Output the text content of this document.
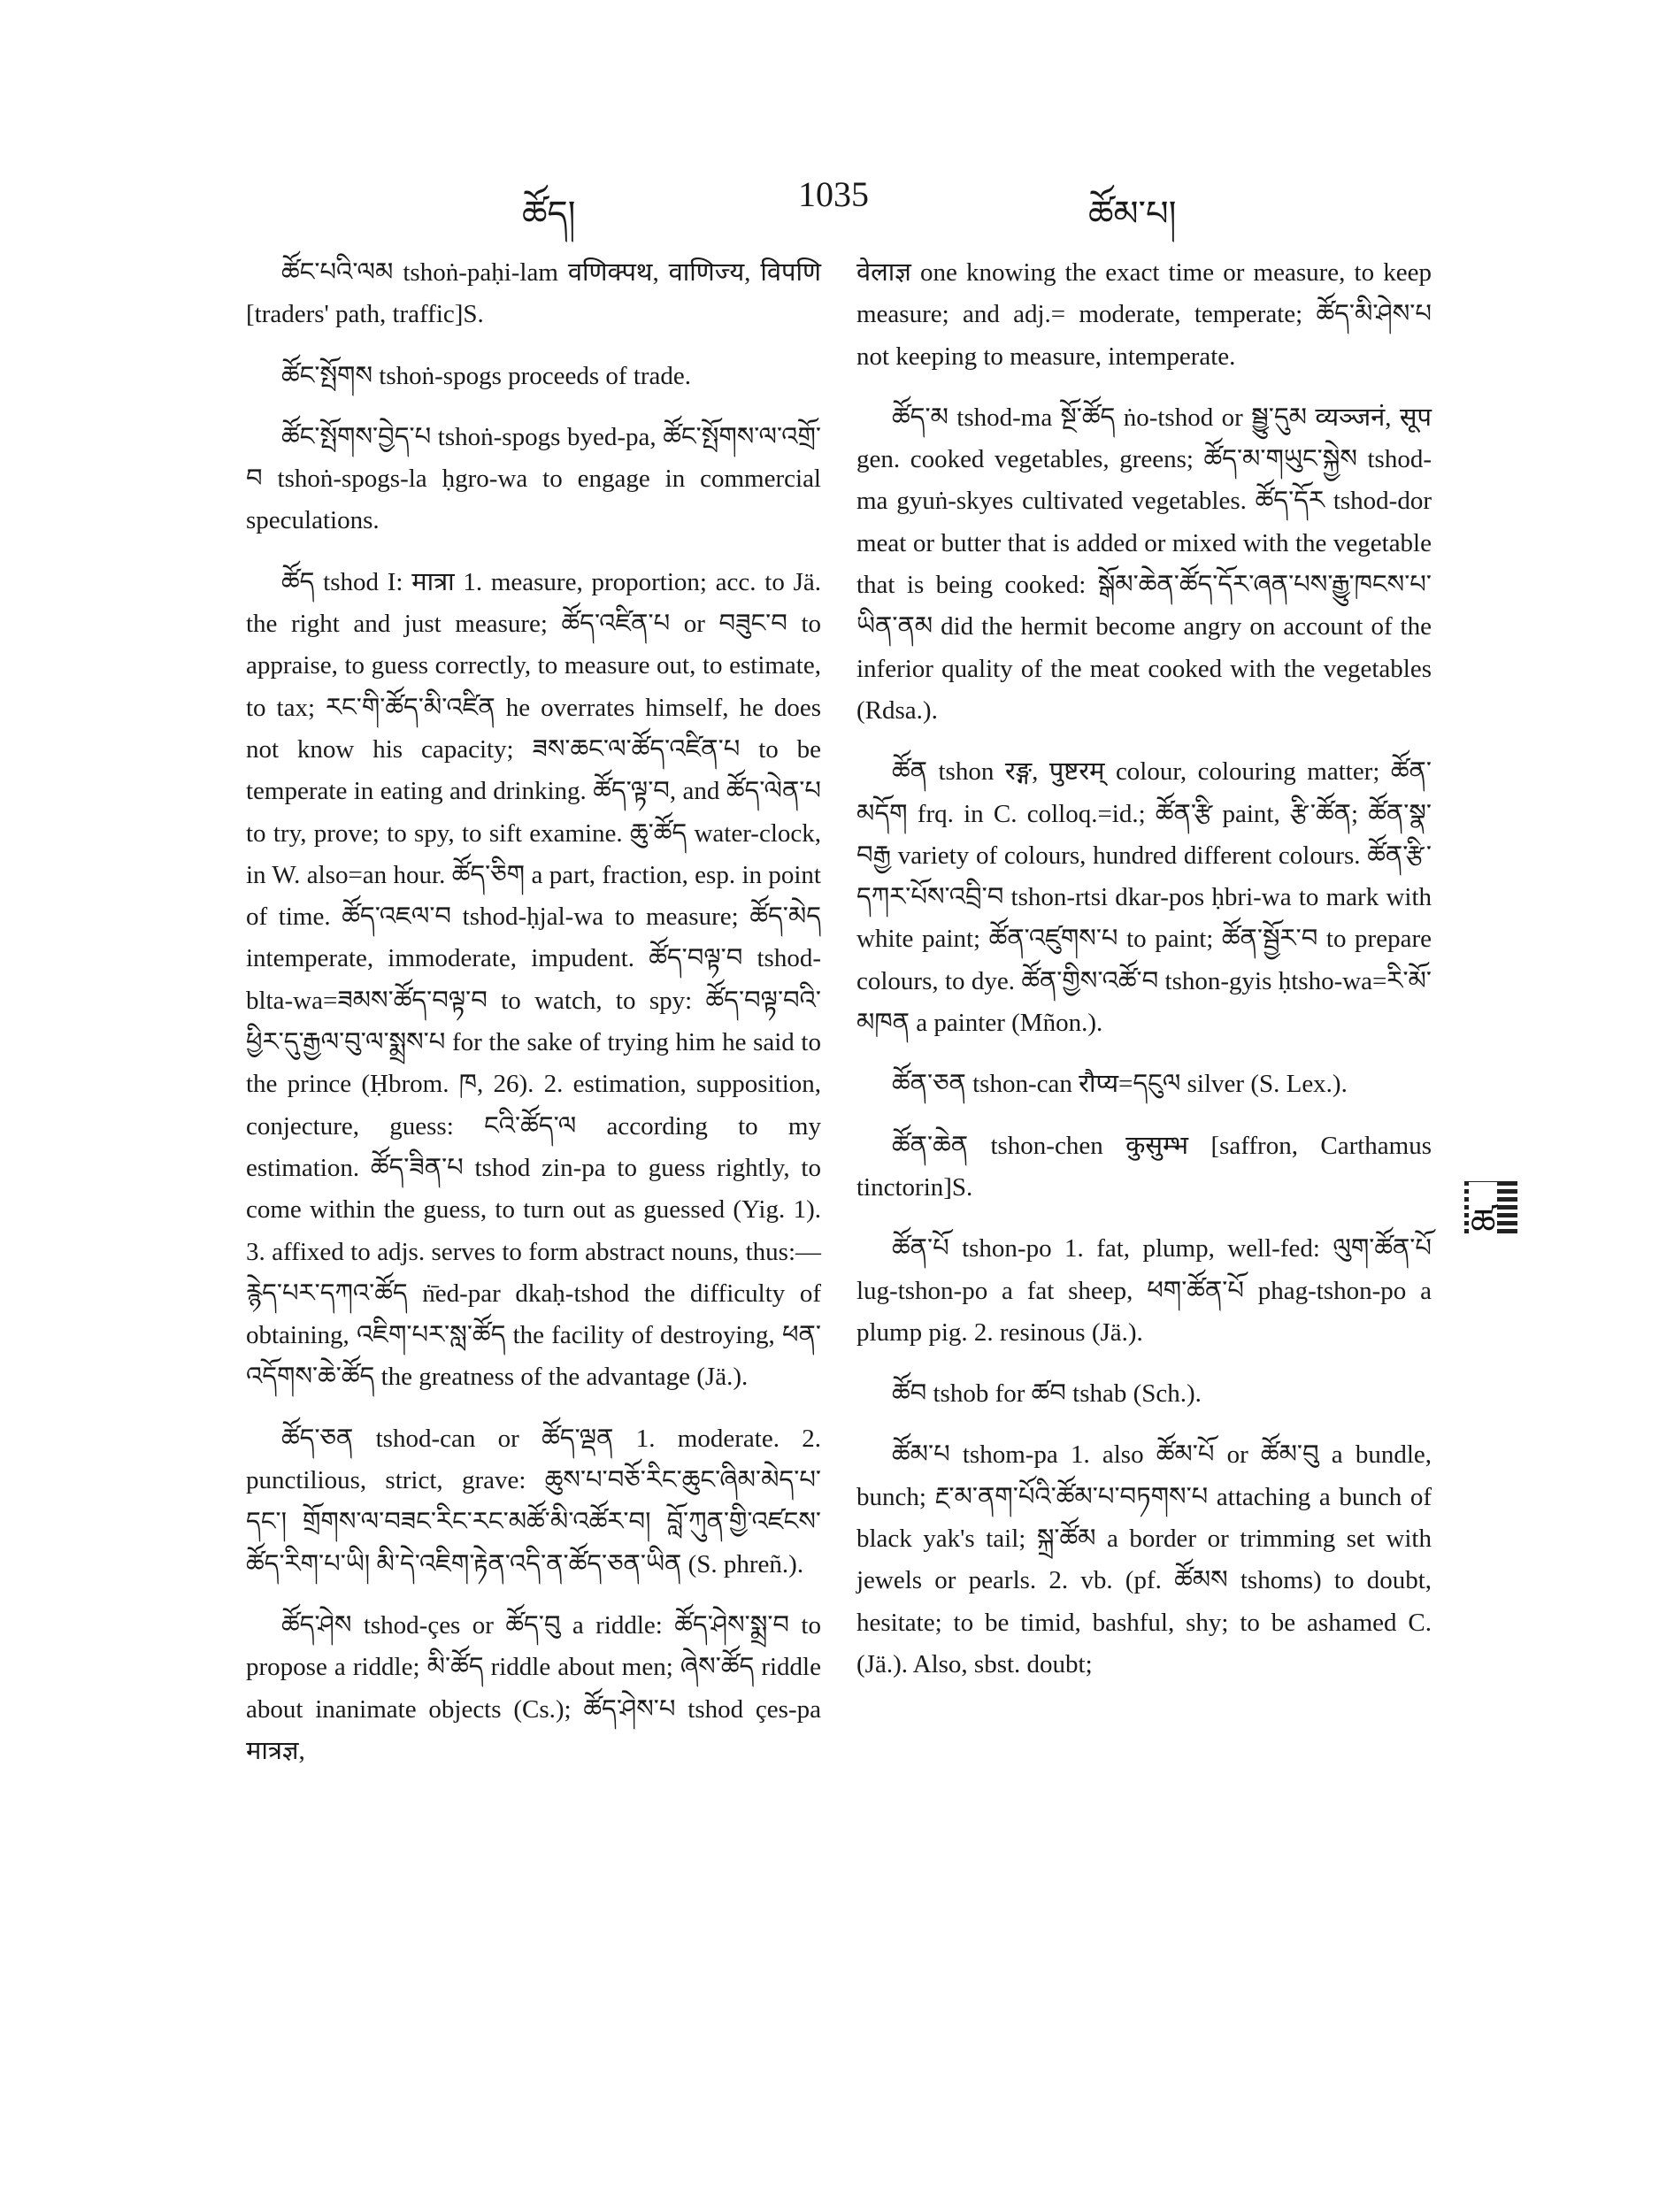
ཚོད།	1035	ཚོམ་པ།

ཚོང་པའི་ལམ tshoṅ-paḥi-lam वणिक्पथ, वाणिज्य, विपणि [traders' path, traffic]S.

ཚོང་སྤོགས tshoṅ-spogs proceeds of trade.

ཚོང་སྤོགས་བྱེད་པ tshoṅ-spogs byed-pa, ཚོང་སྤོགས་ལ་འགྲོ་བ tshoṅ-spogs-la ḥgro-wa to engage in commercial speculations.

ཚོད tshod I: मात्रा 1. measure, proportion; acc. to Jä. the right and just measure; ཚོད་འཛིན་པ or བཟུང་བ to appraise, to guess correctly, to measure out, to estimate, to tax; རང་གི་ཚོད་མི་འཛིན he overrates himself, he does not know his capacity; ཟས་ཆང་ལ་ཚོད་འཛིན་པ to be temperate in eating and drinking. ཚོད་ལྟ་བ, and ཚོད་ལེན་པ to try, prove; to spy, to sift examine. ཆུ་ཚོད water-clock, in W. also=an hour. ཚོད་ཅིག a part, fraction, esp. in point of time. ཚོད་འཇལ་བ tshod-ḥjal-wa to measure; ཚོད་མེད intemperate, immoderate, impudent. ཚོད་བལྟ་བ tshod-blta-wa=ཟམས་ཚོད་བལྟ་བ to watch, to spy: ཚོད་བལྟ་བའི་ཕྱིར་དུ་རྒྱལ་བུ་ལ་སྨྲས་པ for the sake of trying him he said to the prince (Ḥbrom. ཁ, 26). 2. estimation, supposition, conjecture, guess: ངའི་ཚོད་ལ according to my estimation. ཚོད་ཟིན་པ tshod zin-pa to guess rightly, to come within the guess, to turn out as guessed (Yig. 1). 3. affixed to adjs. serves to form abstract nouns, thus:— རྙེད་པར་དཀའ་ཚོད ṅ̄ed-par dkaḥ-tshod the difficulty of obtaining, འཇིག་པར་སླ་ཚོད the facility of destroying, ཕན་འདོགས་ཆེ་ཚོད the greatness of the advantage (Jä.).

ཚོད་ཅན tshod-can or ཚོད་ལྡན 1. moderate. 2. punctilious, strict, grave: ཆུས་པ་བཅོ་རིང་ཆུང་ཞིམ་མེད་པ་དང་། གྲོགས་ལ་བཟང་རིང་རང་མཚོ་མི་འཚོར་བ། བློ་ཀུན་གྱི་འཛངས་ཚོད་རིག་པ་ཡི། མི་དེ་འཇིག་རྟེན་འདི་ན་ཚོད་ཅན་ཡིན (S. phreñ.).

ཚོད་ཤེས tshod-çes or ཚོད་བུ a riddle: ཚོད་ཤེས་སྨྲ་བ to propose a riddle; མི་ཚོད riddle about men; ཞེས་ཚོད riddle about inanimate objects (Cs.); ཚོད་ཤེས་པ tshod çes-pa मात्रज्ञ,

वेलाज्ञ one knowing the exact time or measure, to keep measure; and adj.= moderate, temperate; ཚོད་མི་ཤེས་པ not keeping to measure, intemperate.

ཚོད་མ tshod-ma སྔོ་ཚོད ṅo-tshod or སྦྱུ་དུམ व्यञ्जनं, सूप gen. cooked vegetables, greens; ཚོད་མ་གཡུང་སྐྱེས tshod-ma gyuṅ-skyes cultivated vegetables. ཚོད་དོར tshod-dor meat or butter that is added or mixed with the vegetable that is being cooked: སྒོམ་ཆེན་ཚོད་དོར་ཞན་པས་རྒྱུ་ཁངས་པ་ཡིན་ནམ did the hermit become angry on account of the inferior quality of the meat cooked with the vegetables (Rdsa.).

ཚོན tshon रङ्ग, पुष्टरम् colour, colouring matter; ཚོན་མདོག frq. in C. colloq.=id.; ཚོན་རྩི paint, རྩི་ཚོན; ཚོན་སྣ་བརྒྱ variety of colours, hundred different colours. ཚོན་རྩི་དཀར་པོས་འབྲི་བ tshon-rtsi dkar-pos ḥbri-wa to mark with white paint; ཚོན་འཛུགས་པ to paint; ཚོན་སྦྱོར་བ to prepare colours, to dye. ཚོན་གྱིས་འཚོ་བ tshon-gyis ḥtsho-wa=རི་མོ་མཁན a painter (Mñon.).

ཚོན་ཅན tshon-can रौप्य=དངུལ silver (S. Lex.).

ཚོན་ཆེན tshon-chen कुसुम्भ [saffron, Carthamus tinctorin]S.

ཚོན་པོ tshon-po 1. fat, plump, well-fed: ལུག་ཚོན་པོ lug-tshon-po a fat sheep, ཕག་ཚོན་པོ phag-tshon-po a plump pig. 2. resinous (Jä.).

ཚོབ tshob for ཚབ tshab (Sch.).

ཚོམ་པ tshom-pa 1. also ཚོམ་པོ or ཚོམ་བུ a bundle, bunch; རྔ་མ་ནག་པོའི་ཚོམ་པ་བཏགས་པ attaching a bunch of black yak's tail; སྐྲ་ཚོམ a border or trimming set with jewels or pearls. 2. vb. (pf. ཚོམས tshoms) to doubt, hesitate; to be timid, bashful, shy; to be ashamed C. (Jä.). Also, sbst. doubt;

ཚ
